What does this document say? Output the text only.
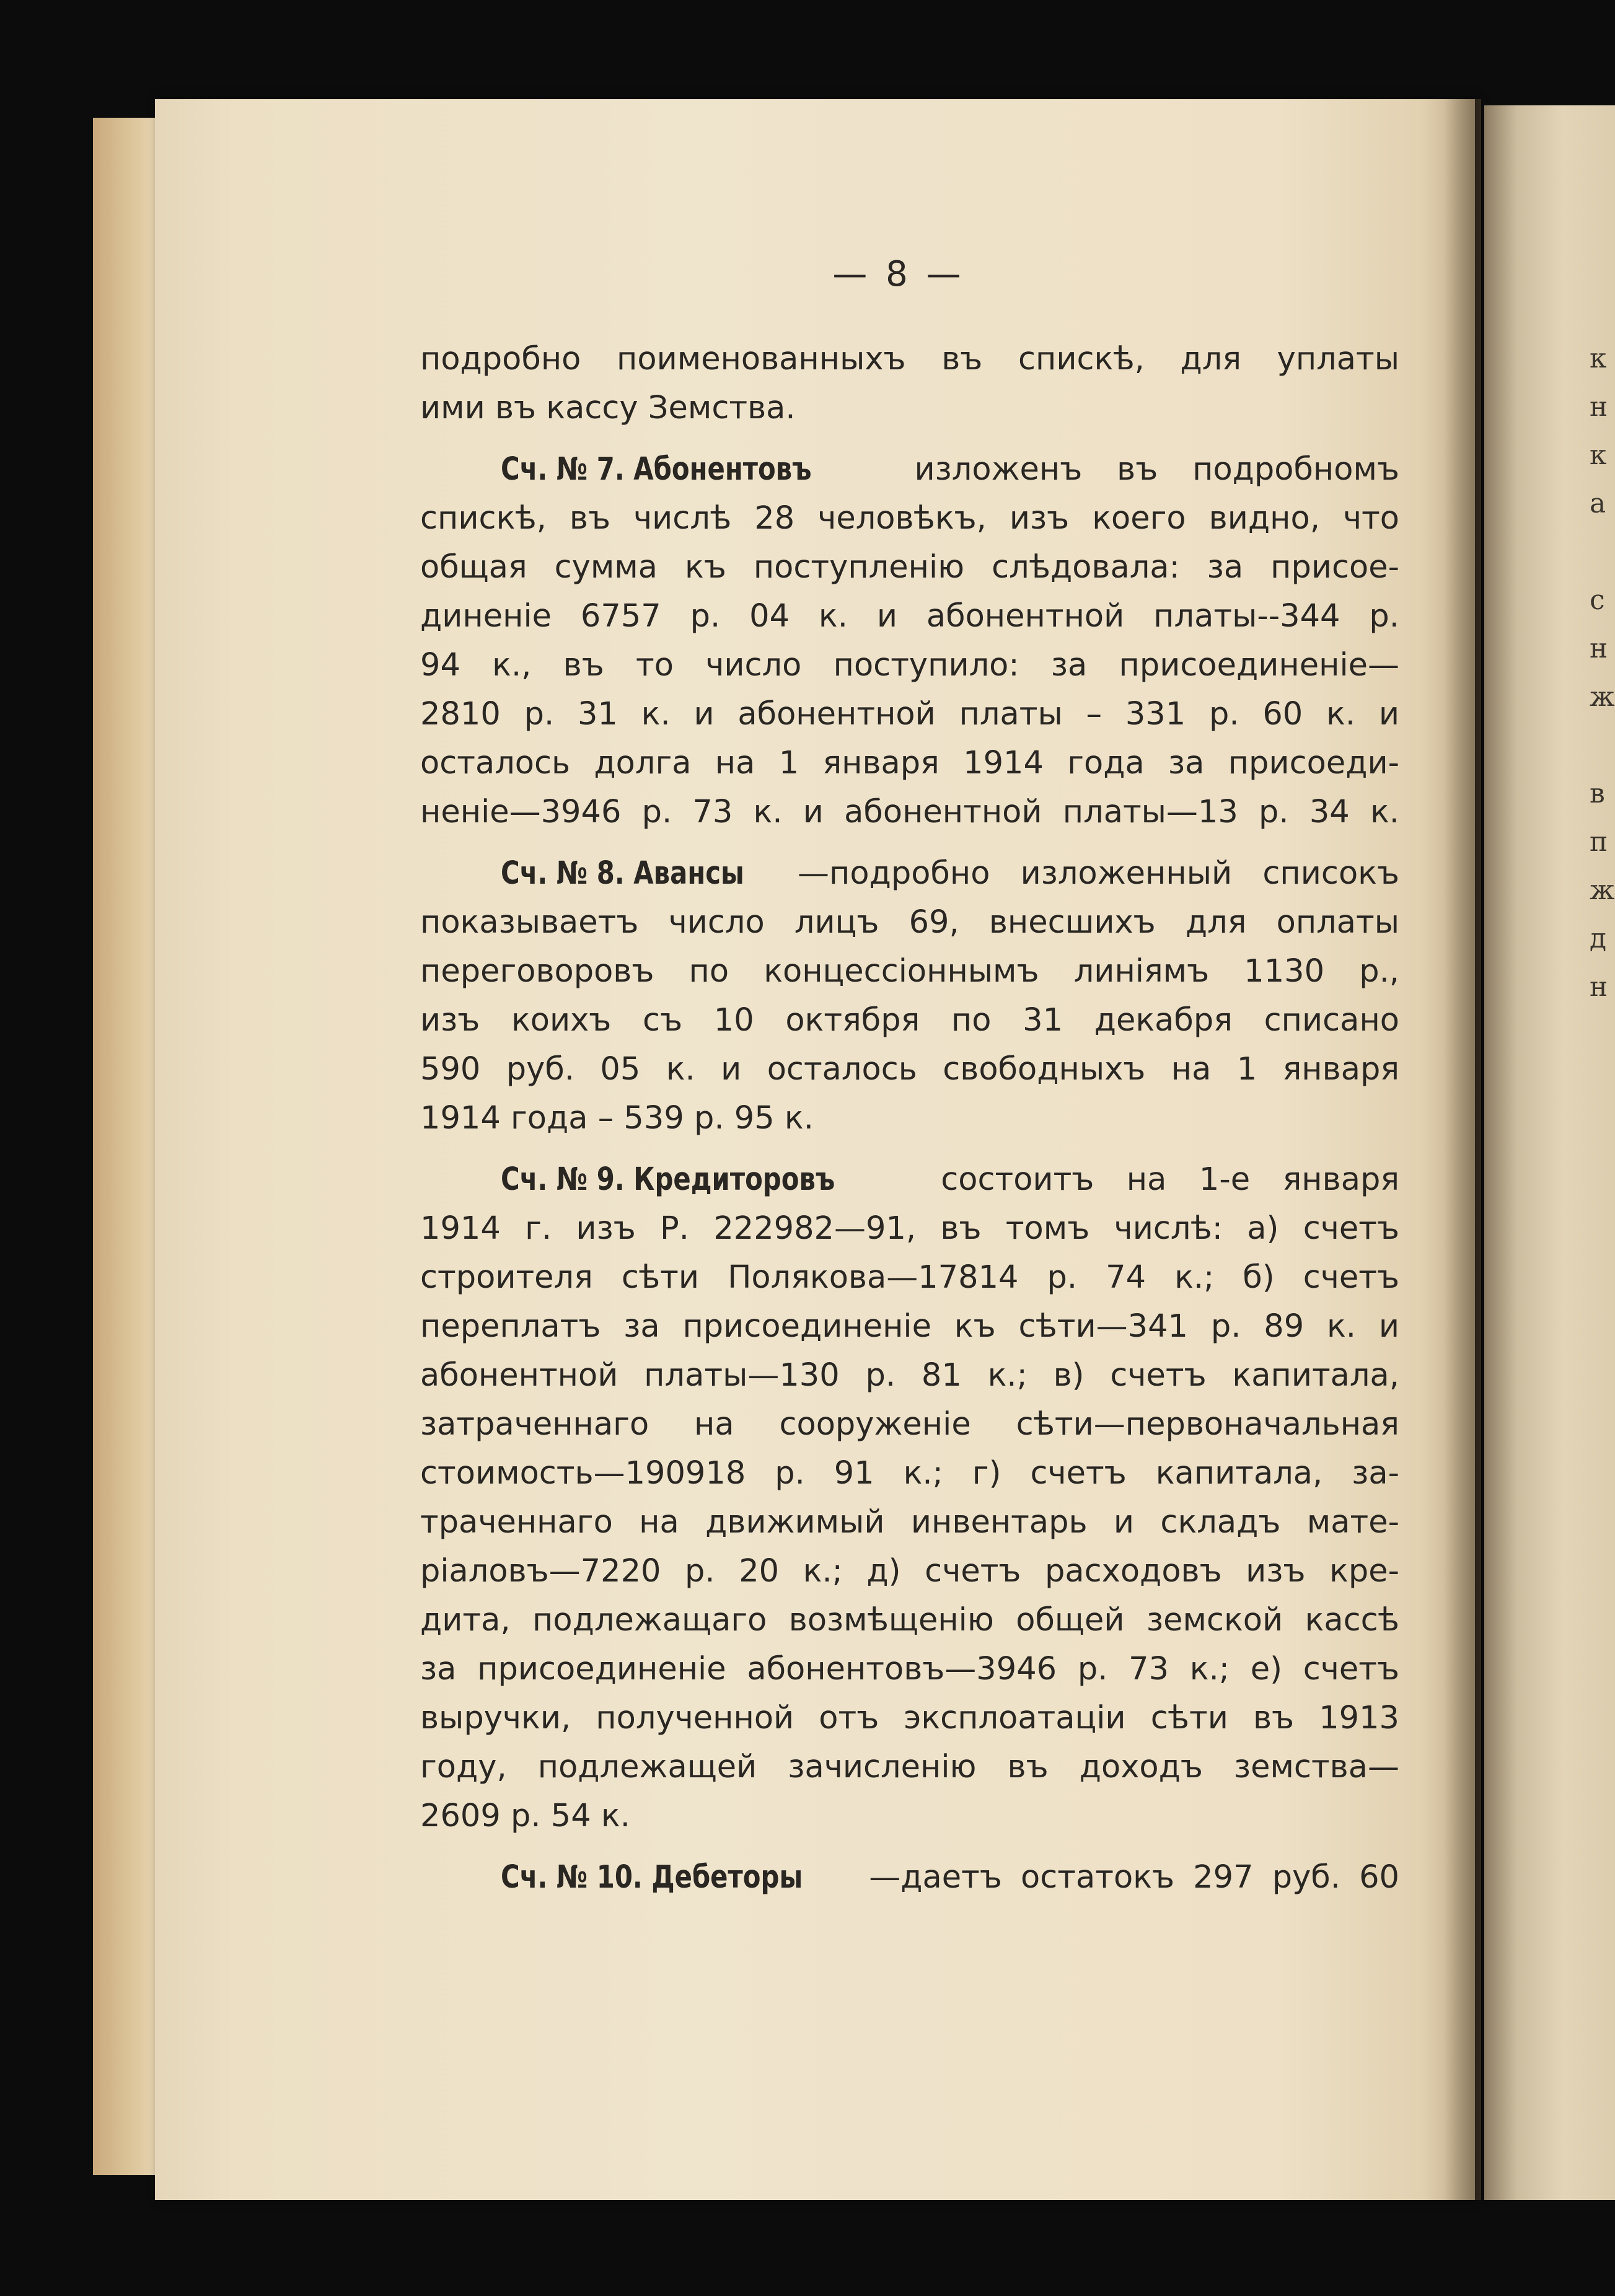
к
н
к
а
с
н
ж
в
п
ж
д
н
— 8 —
подробно поименованныхъ въ спискѣ, для уплаты
ими въ кассу Земства.
Сч. № 7. Абонентовъ изложенъ въ подробномъ
спискѣ, въ числѣ 28 человѣкъ, изъ коего видно, что
общая сумма къ поступленію слѣдовала: за присое-
диненіе 6757 р. 04 к. и абонентной платы--344 р.
94 к., въ то число поступило: за присоединеніе—
2810 р. 31 к. и абонентной платы – 331 р. 60 к. и
осталось долга на 1 января 1914 года за присоеди-
неніе—3946 р. 73 к. и абонентной платы—13 р. 34 к.
Сч. № 8. Авансы —подробно изложенный списокъ
показываетъ число лицъ 69, внесшихъ для оплаты
переговоровъ по концессіоннымъ линіямъ 1130 р.,
изъ коихъ съ 10 октября по 31 декабря списано
590 руб. 05 к. и осталось свободныхъ на 1 января
1914 года – 539 р. 95 к.
Сч. № 9. Кредиторовъ состоитъ на 1-е января
1914 г. изъ Р. 222982—91, въ томъ числѣ: а) счетъ
строителя сѣти Полякова—17814 р. 74 к.; б) счетъ
переплатъ за присоединеніе къ сѣти—341 р. 89 к. и
абонентной платы—130 р. 81 к.; в) счетъ капитала,
затраченнаго на сооруженіе сѣти—первоначальная
стоимость—190918 р. 91 к.; г) счетъ капитала, за-
траченнаго на движимый инвентарь и складъ мате-
ріаловъ—7220 р. 20 к.; д) счетъ расходовъ изъ кре-
дита, подлежащаго возмѣщенію общей земской кассѣ
за присоединеніе абонентовъ—3946 р. 73 к.; е) счетъ
выручки, полученной отъ эксплоатаціи сѣти въ 1913
году, подлежащей зачисленію въ доходъ земства—
2609 р. 54 к.
Сч. № 10. Дебеторы —даетъ остатокъ 297 руб. 60
